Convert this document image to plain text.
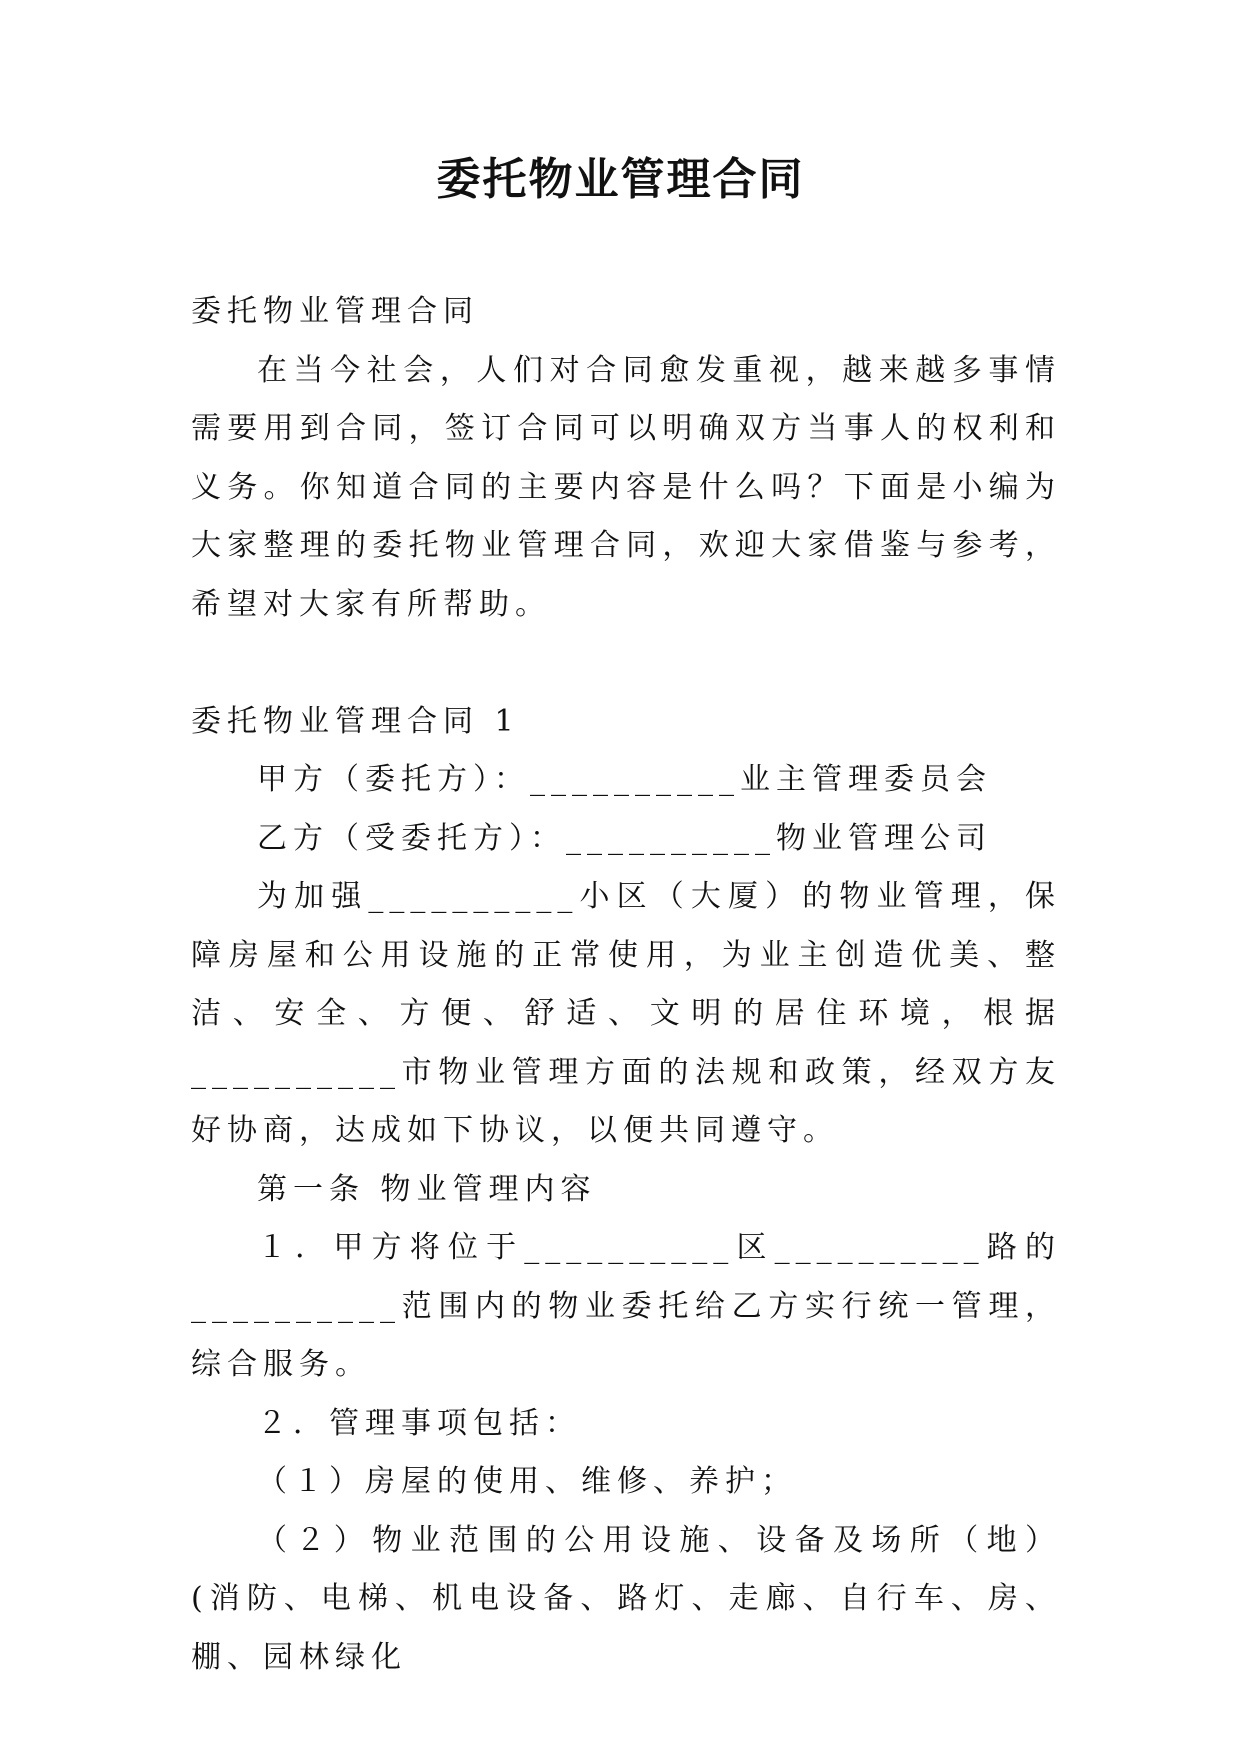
委托物业管理合同

委托物业管理合同

在当今社会，人们对合同愈发重视，越来越多事情需要用到合同，签订合同可以明确双方当事人的权利和义务。你知道合同的主要内容是什么吗？下面是小编为大家整理的委托物业管理合同，欢迎大家借鉴与参考，希望对大家有所帮助。

委托物业管理合同 1

甲方（委托方）：__________业主管理委员会

乙方（受委托方）：__________物业管理公司

为加强__________小区（大厦）的物业管理，保障房屋和公用设施的正常使用，为业主创造优美、整洁、安全、方便、舒适、文明的居住环境，根据__________市物业管理方面的法规和政策，经双方友好协商，达成如下协议，以便共同遵守。

第一条 物业管理内容

１．甲方将位于__________区__________路的__________范围内的物业委托给乙方实行统一管理，综合服务。

２．管理事项包括：

（１）房屋的使用、维修、养护；

（２）物业范围的公用设施、设备及场所（地）(消防、电梯、机电设备、路灯、走廊、自行车、房、棚、园林绿化
